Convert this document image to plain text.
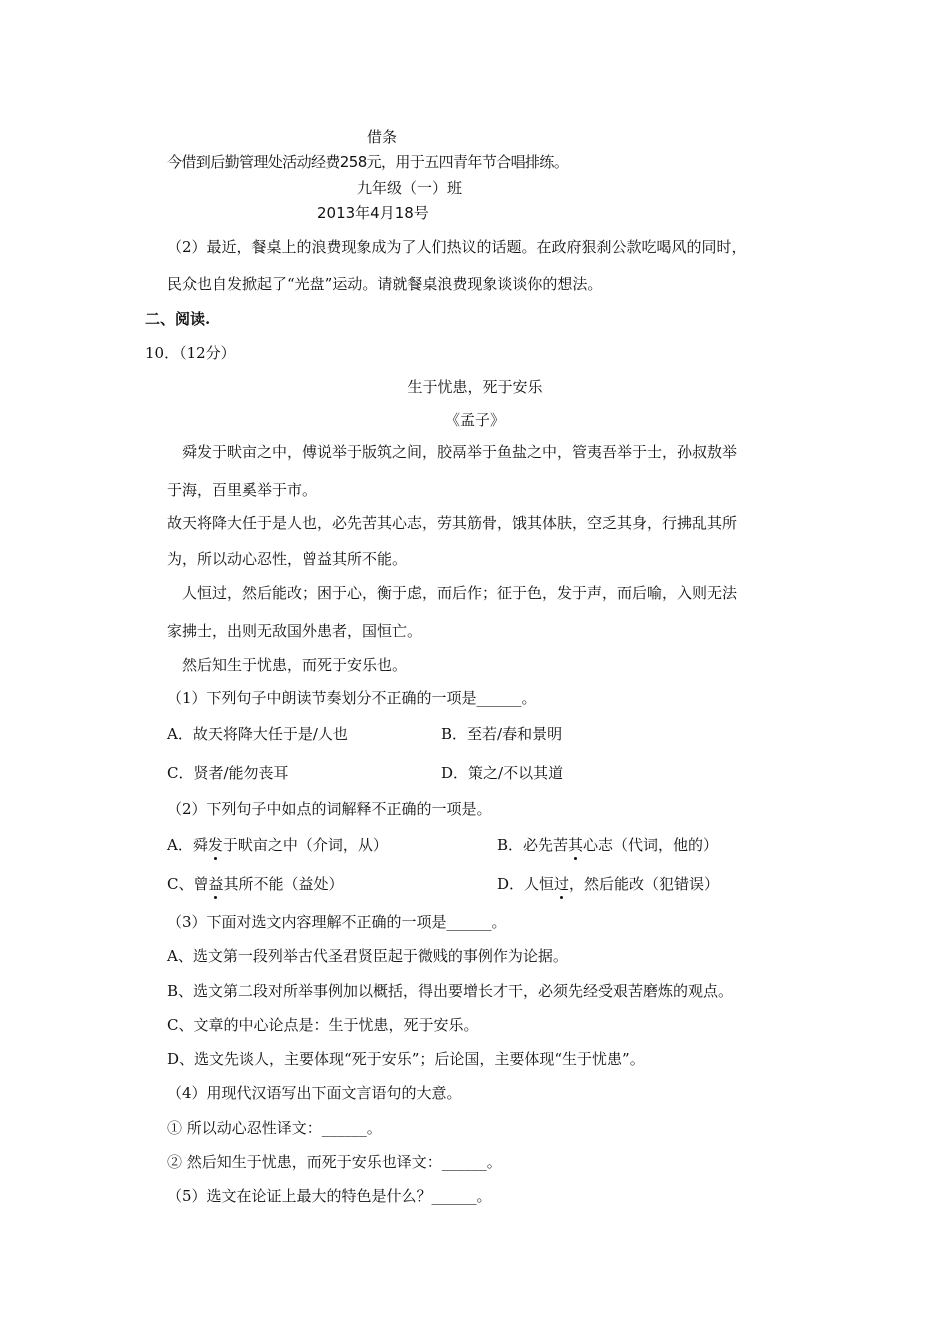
借条
今借到后勤管理处活动经费258元，用于五四青年节合唱排练。
九年级（一）班
2013年4月18号
（2）最近，餐桌上的浪费现象成为了人们热议的话题。在政府狠刹公款吃喝风的同时，
民众也自发掀起了“光盘”运动。请就餐桌浪费现象谈谈你的想法。
二、阅读.
10．（12分）
生于忧患，死于安乐
《孟子》
　舜发于畎亩之中，傅说举于版筑之间，胶鬲举于鱼盐之中，管夷吾举于士，孙叔敖举
于海，百里奚举于市。
故天将降大任于是人也，必先苦其心志，劳其筋骨，饿其体肤，空乏其身，行拂乱其所
为，所以动心忍性，曾益其所不能。
　人恒过，然后能改；困于心，衡于虑，而后作；征于色，发于声，而后喻，入则无法
家拂士，出则无敌国外患者，国恒亡。
　然后知生于忧患，而死于安乐也。
（1）下列句子中朗读节奏划分不正确的一项是______。
A．故天将降大任于是/人也	B．至若/春和景明
C．贤者/能勿丧耳	D．策之/不以其道
（2）下列句子中如点的词解释不正确的一项是。
A．舜发于畎亩之中（介词，从）	B．必先苦其心志（代词，他的）
C、曾益其所不能（益处）	D．人恒过，然后能改（犯错误）
（3）下面对选文内容理解不正确的一项是______。
A、选文第一段列举古代圣君贤臣起于微贱的事例作为论据。
B、选文第二段对所举事例加以概括，得出要增长才干，必须先经受艰苦磨炼的观点。
C、文章的中心论点是：生于忧患，死于安乐。
D、选文先谈人，主要体现“死于安乐”；后论国，主要体现“生于忧患”。
（4）用现代汉语写出下面文言语句的大意。
① 所以动心忍性译文：______。
② 然后知生于忧患，而死于安乐也译文：______。
（5）选文在论证上最大的特色是什么？______。
